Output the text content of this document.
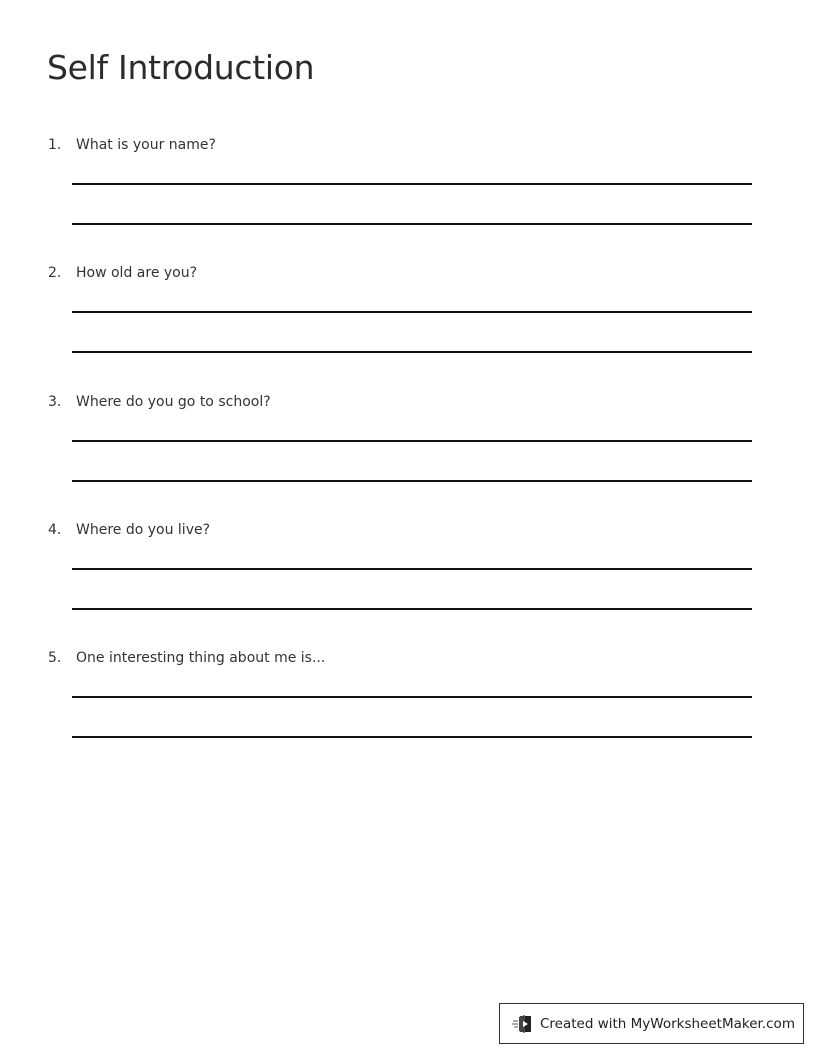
Self Introduction
1. What is your name?
2. How old are you?
3. Where do you go to school?
4. Where do you live?
5. One interesting thing about me is...
Created with MyWorksheetMaker.com
